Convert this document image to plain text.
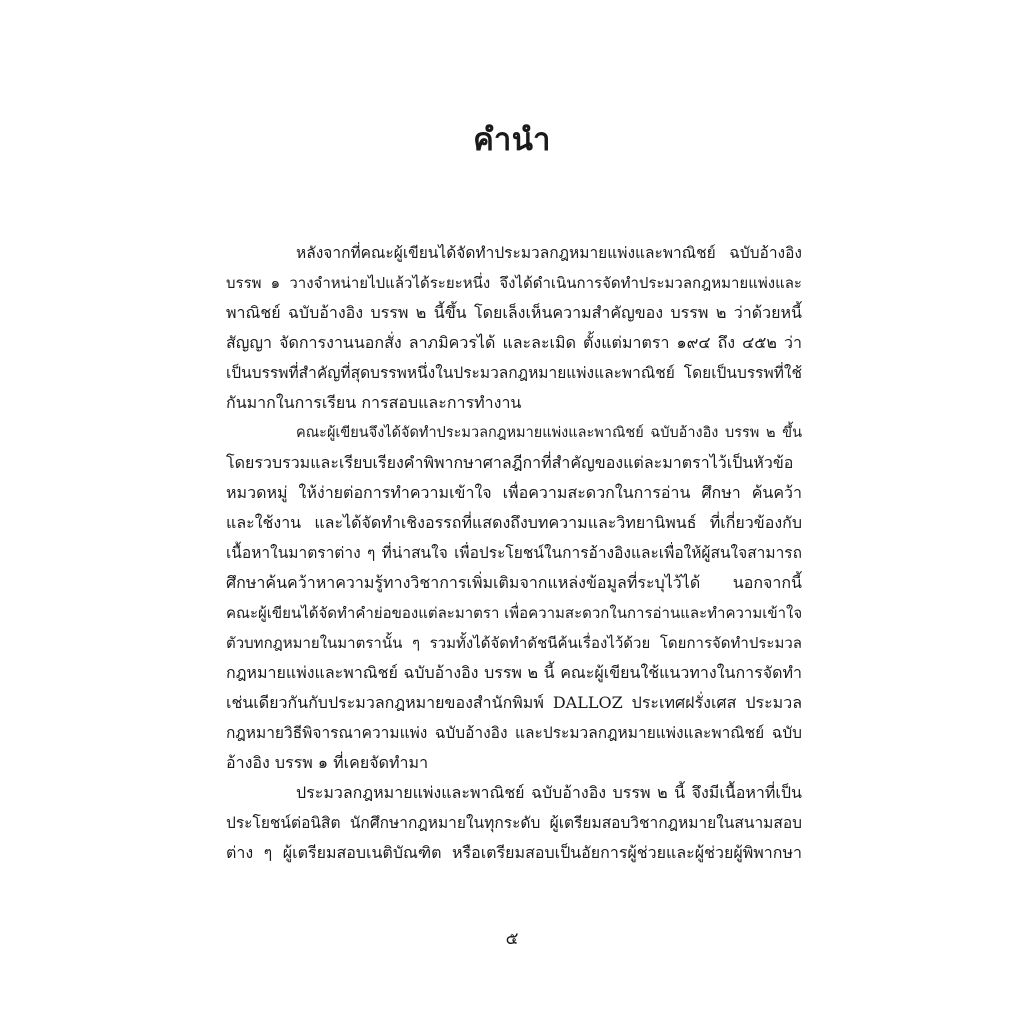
คำนำ
หลังจากที่คณะผู้เขียนได้จัดทำประมวลกฎหมายแพ่งและพาณิชย์ ฉบับอ้างอิง
บรรพ ๑ วางจำหน่ายไปแล้วได้ระยะหนึ่ง จึงได้ดำเนินการจัดทำประมวลกฎหมายแพ่งและ
พาณิชย์ ฉบับอ้างอิง บรรพ ๒ นี้ขึ้น โดยเล็งเห็นความสำคัญของ บรรพ ๒ ว่าด้วยหนี้
สัญญา จัดการงานนอกสั่ง ลาภมิควรได้ และละเมิด ตั้งแต่มาตรา ๑๙๔ ถึง ๔๕๒ ว่า
เป็นบรรพที่สำคัญที่สุดบรรพหนึ่งในประมวลกฎหมายแพ่งและพาณิชย์ โดยเป็นบรรพที่ใช้
กันมากในการเรียน การสอบและการทำงาน
คณะผู้เขียนจึงได้จัดทำประมวลกฎหมายแพ่งและพาณิชย์ ฉบับอ้างอิง บรรพ ๒ ขึ้น
โดยรวบรวมและเรียบเรียงคำพิพากษาศาลฎีกาที่สำคัญของแต่ละมาตราไว้เป็นหัวข้อ
หมวดหมู่ ให้ง่ายต่อการทำความเข้าใจ เพื่อความสะดวกในการอ่าน ศึกษา ค้นคว้า
และใช้งาน และได้จัดทำเชิงอรรถที่แสดงถึงบทความและวิทยานิพนธ์ ที่เกี่ยวข้องกับ
เนื้อหาในมาตราต่าง ๆ ที่น่าสนใจ เพื่อประโยชน์ในการอ้างอิงและเพื่อให้ผู้สนใจสามารถ
ศึกษาค้นคว้าหาความรู้ทางวิชาการเพิ่มเติมจากแหล่งข้อมูลที่ระบุไว้ได้ นอกจากนี้
คณะผู้เขียนได้จัดทำคำย่อของแต่ละมาตรา เพื่อความสะดวกในการอ่านและทำความเข้าใจ
ตัวบทกฎหมายในมาตรานั้น ๆ รวมทั้งได้จัดทำดัชนีค้นเรื่องไว้ด้วย โดยการจัดทำประมวล
กฎหมายแพ่งและพาณิชย์ ฉบับอ้างอิง บรรพ ๒ นี้ คณะผู้เขียนใช้แนวทางในการจัดทำ
เช่นเดียวกันกับประมวลกฎหมายของสำนักพิมพ์ DALLOZ ประเทศฝรั่งเศส ประมวล
กฎหมายวิธีพิจารณาความแพ่ง ฉบับอ้างอิง และประมวลกฎหมายแพ่งและพาณิชย์ ฉบับ
อ้างอิง บรรพ ๑ ที่เคยจัดทำมา
ประมวลกฎหมายแพ่งและพาณิชย์ ฉบับอ้างอิง บรรพ ๒ นี้ จึงมีเนื้อหาที่เป็น
ประโยชน์ต่อนิสิต นักศึกษากฎหมายในทุกระดับ ผู้เตรียมสอบวิชากฎหมายในสนามสอบ
ต่าง ๆ ผู้เตรียมสอบเนติบัณฑิต หรือเตรียมสอบเป็นอัยการผู้ช่วยและผู้ช่วยผู้พิพากษา
๕
